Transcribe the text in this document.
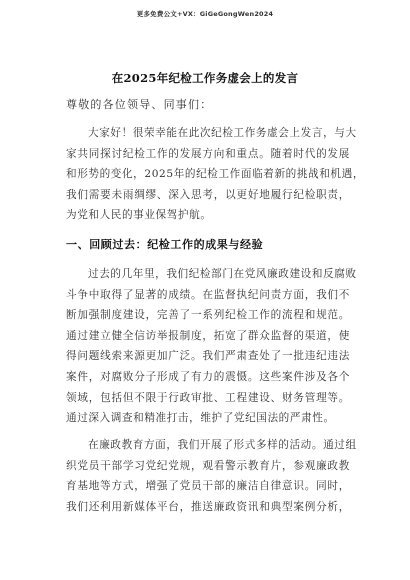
更多免费公文+VX：GiGeGongWen2024
在2025年纪检工作务虚会上的发言
尊敬的各位领导、同事们：
大家好！很荣幸能在此次纪检工作务虚会上发言，与大
家共同探讨纪检工作的发展方向和重点。随着时代的发展
和形势的变化，2025年的纪检工作面临着新的挑战和机遇，
我们需要未雨绸缪、深入思考，以更好地履行纪检职责，
为党和人民的事业保驾护航。
一、回顾过去：纪检工作的成果与经验
过去的几年里，我们纪检部门在党风廉政建设和反腐败
斗争中取得了显著的成绩。在监督执纪问责方面，我们不
断加强制度建设，完善了一系列纪检工作的流程和规范。
通过建立健全信访举报制度，拓宽了群众监督的渠道，使
得问题线索来源更加广泛。我们严肃查处了一批违纪违法
案件，对腐败分子形成了有力的震慑。这些案件涉及各个
领域，包括但不限于行政审批、工程建设、财务管理等。
通过深入调查和精准打击，维护了党纪国法的严肃性。
在廉政教育方面，我们开展了形式多样的活动。通过组
织党员干部学习党纪党规，观看警示教育片，参观廉政教
育基地等方式，增强了党员干部的廉洁自律意识。同时，
我们还利用新媒体平台，推送廉政资讯和典型案例分析，
